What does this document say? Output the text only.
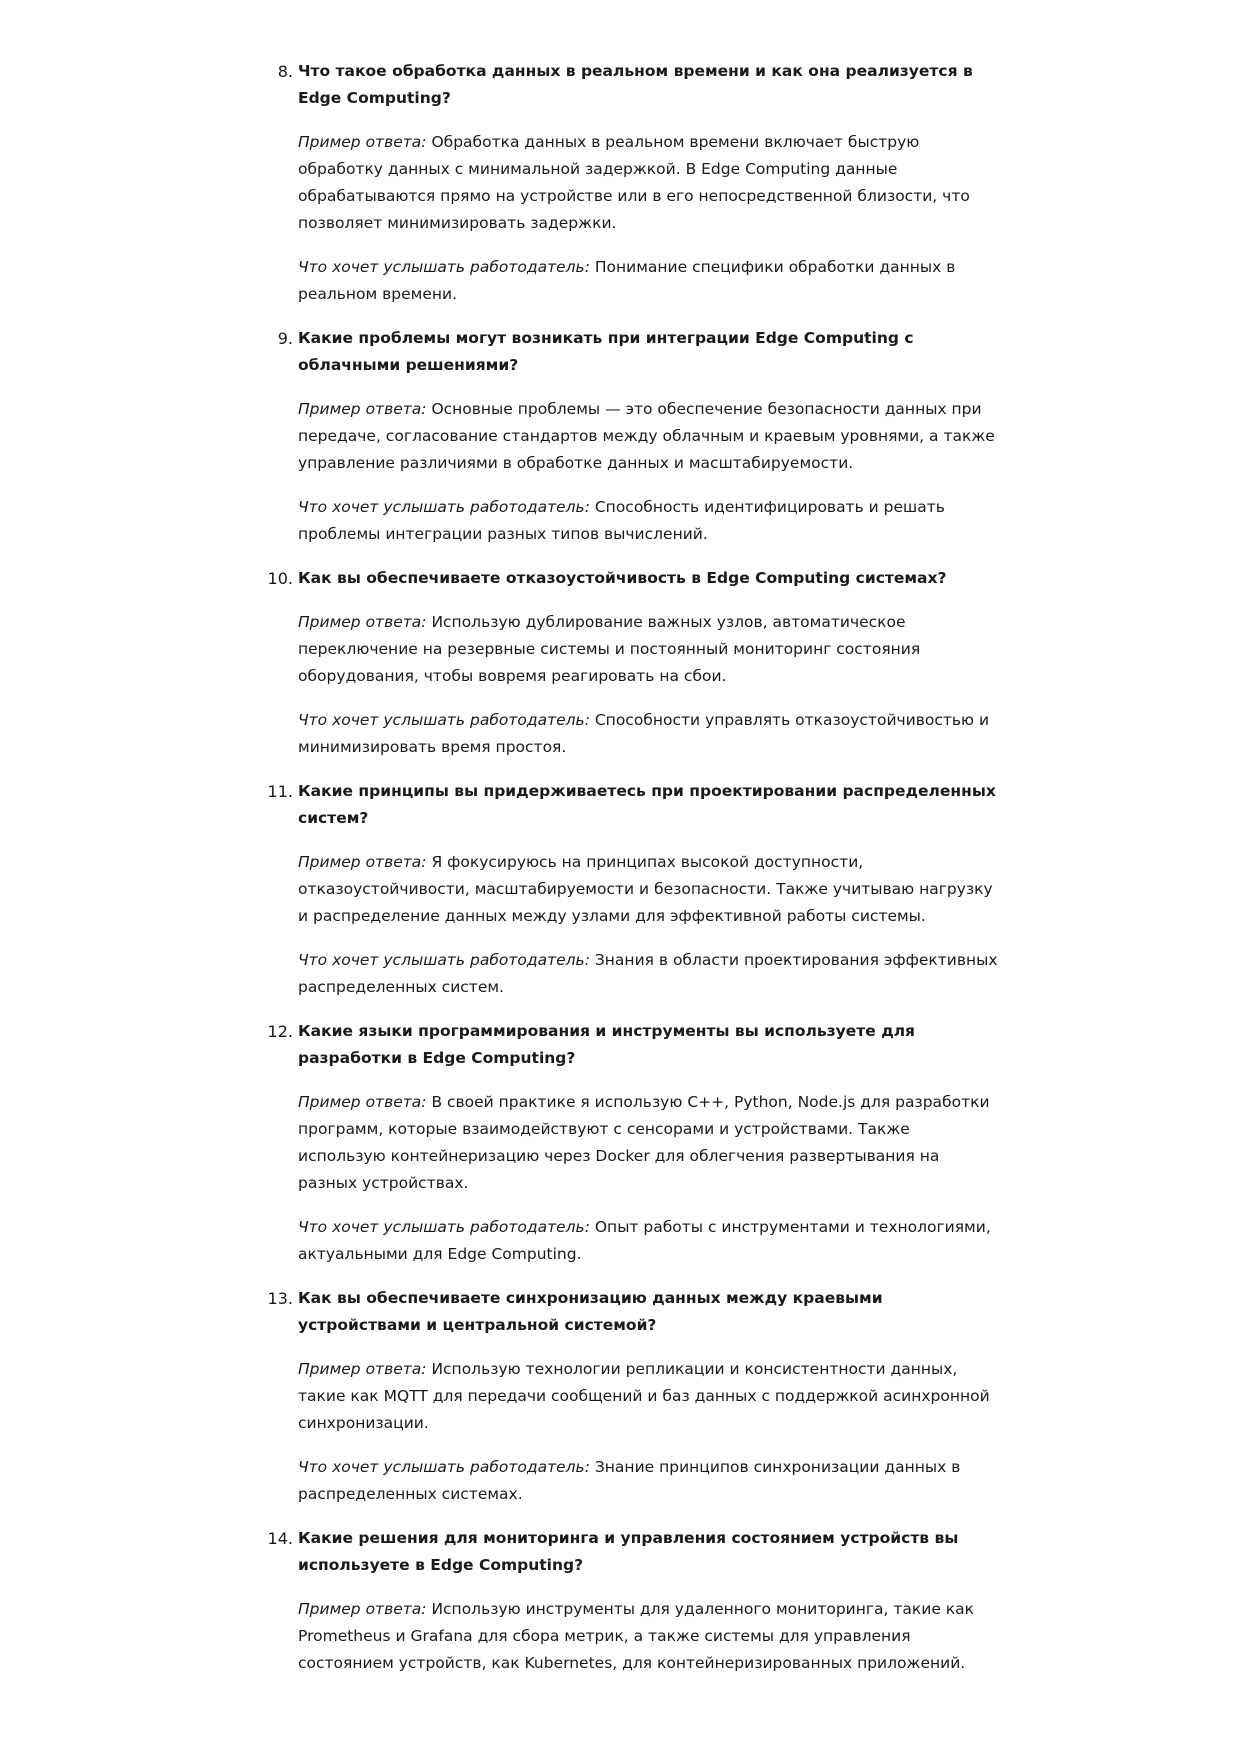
8. Что такое обработка данных в реальном времени и как она реализуется в Edge Computing?
Пример ответа: Обработка данных в реальном времени включает быструю обработку данных с минимальной задержкой. В Edge Computing данные обрабатываются прямо на устройстве или в его непосредственной близости, что позволяет минимизировать задержки.
Что хочет услышать работодатель: Понимание специфики обработки данных в реальном времени.
9. Какие проблемы могут возникать при интеграции Edge Computing с облачными решениями?
Пример ответа: Основные проблемы — это обеспечение безопасности данных при передаче, согласование стандартов между облачным и краевым уровнями, а также управление различиями в обработке данных и масштабируемости.
Что хочет услышать работодатель: Способность идентифицировать и решать проблемы интеграции разных типов вычислений.
10. Как вы обеспечиваете отказоустойчивость в Edge Computing системах?
Пример ответа: Использую дублирование важных узлов, автоматическое переключение на резервные системы и постоянный мониторинг состояния оборудования, чтобы вовремя реагировать на сбои.
Что хочет услышать работодатель: Способности управлять отказоустойчивостью и минимизировать время простоя.
11. Какие принципы вы придерживаетесь при проектировании распределенных систем?
Пример ответа: Я фокусируюсь на принципах высокой доступности, отказоустойчивости, масштабируемости и безопасности. Также учитываю нагрузку и распределение данных между узлами для эффективной работы системы.
Что хочет услышать работодатель: Знания в области проектирования эффективных распределенных систем.
12. Какие языки программирования и инструменты вы используете для разработки в Edge Computing?
Пример ответа: В своей практике я использую C++, Python, Node.js для разработки программ, которые взаимодействуют с сенсорами и устройствами. Также использую контейнеризацию через Docker для облегчения развертывания на разных устройствах.
Что хочет услышать работодатель: Опыт работы с инструментами и технологиями, актуальными для Edge Computing.
13. Как вы обеспечиваете синхронизацию данных между краевыми устройствами и центральной системой?
Пример ответа: Использую технологии репликации и консистентности данных, такие как MQTT для передачи сообщений и баз данных с поддержкой асинхронной синхронизации.
Что хочет услышать работодатель: Знание принципов синхронизации данных в распределенных системах.
14. Какие решения для мониторинга и управления состоянием устройств вы используете в Edge Computing?
Пример ответа: Использую инструменты для удаленного мониторинга, такие как Prometheus и Grafana для сбора метрик, а также системы для управления состоянием устройств, как Kubernetes, для контейнеризированных приложений.
